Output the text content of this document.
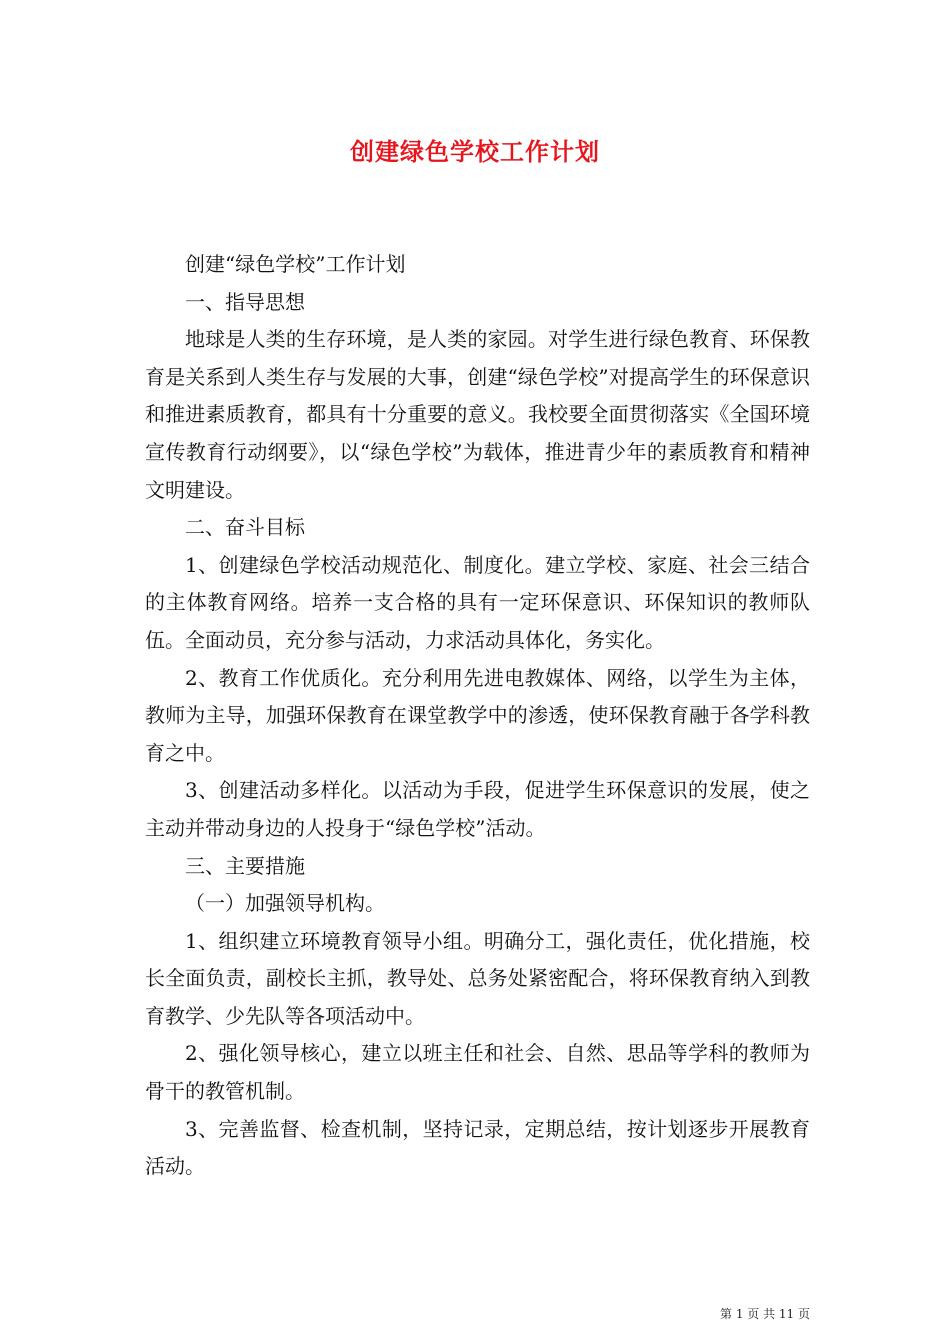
创建绿色学校工作计划

创建“绿色学校”工作计划

一、指导思想

地球是人类的生存环境，是人类的家园。对学生进行绿色教育、环保教育是关系到人类生存与发展的大事，创建“绿色学校”对提高学生的环保意识和推进素质教育，都具有十分重要的意义。我校要全面贯彻落实《全国环境宣传教育行动纲要》，以“绿色学校”为载体，推进青少年的素质教育和精神文明建设。

二、奋斗目标

1、创建绿色学校活动规范化、制度化。建立学校、家庭、社会三结合的主体教育网络。培养一支合格的具有一定环保意识、环保知识的教师队伍。全面动员，充分参与活动，力求活动具体化，务实化。

2、教育工作优质化。充分利用先进电教媒体、网络，以学生为主体，教师为主导，加强环保教育在课堂教学中的渗透，使环保教育融于各学科教育之中。

3、创建活动多样化。以活动为手段，促进学生环保意识的发展，使之主动并带动身边的人投身于“绿色学校”活动。

三、主要措施

（一）加强领导机构。

1、组织建立环境教育领导小组。明确分工，强化责任，优化措施，校长全面负责，副校长主抓，教导处、总务处紧密配合，将环保教育纳入到教育教学、少先队等各项活动中。

2、强化领导核心，建立以班主任和社会、自然、思品等学科的教师为骨干的教管机制。

3、完善监督、检查机制，坚持记录，定期总结，按计划逐步开展教育活动。

第 1 页 共 11 页
